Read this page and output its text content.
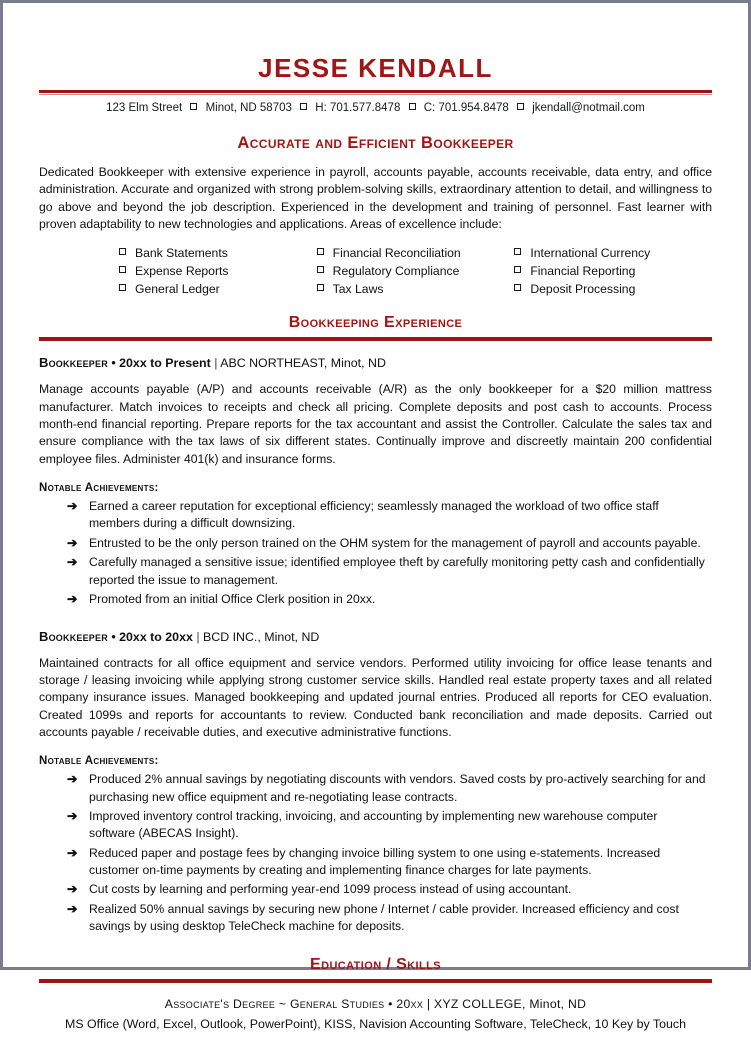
JESSE KENDALL
123 Elm Street Minot, ND 58703 H: 701.577.8478 C: 701.954.8478 jkendall@notmail.com
Accurate and Efficient Bookkeeper
Dedicated Bookkeeper with extensive experience in payroll, accounts payable, accounts receivable, data entry, and office administration. Accurate and organized with strong problem-solving skills, extraordinary attention to detail, and willingness to go above and beyond the job description. Experienced in the development and training of personnel. Fast learner with proven adaptability to new technologies and applications. Areas of excellence include:
Bank Statements
Expense Reports
General Ledger
Financial Reconciliation
Regulatory Compliance
Tax Laws
International Currency
Financial Reporting
Deposit Processing
Bookkeeping Experience
Bookkeeper • 20xx to Present | ABC NORTHEAST, Minot, ND
Manage accounts payable (A/P) and accounts receivable (A/R) as the only bookkeeper for a $20 million mattress manufacturer. Match invoices to receipts and check all pricing. Complete deposits and post cash to accounts. Process month-end financial reporting. Prepare reports for the tax accountant and assist the Controller. Calculate the sales tax and ensure compliance with the tax laws of six different states. Continually improve and discreetly maintain 200 confidential employee files. Administer 401(k) and insurance forms.
Notable Achievements:
➔ Earned a career reputation for exceptional efficiency; seamlessly managed the workload of two office staff members during a difficult downsizing.
➔ Entrusted to be the only person trained on the OHM system for the management of payroll and accounts payable.
➔ Carefully managed a sensitive issue; identified employee theft by carefully monitoring petty cash and confidentially reported the issue to management.
➔ Promoted from an initial Office Clerk position in 20xx.
Bookkeeper • 20xx to 20xx | BCD INC., Minot, ND
Maintained contracts for all office equipment and service vendors. Performed utility invoicing for office lease tenants and storage / leasing invoicing while applying strong customer service skills. Handled real estate property taxes and all related company insurance issues. Managed bookkeeping and updated journal entries. Produced all reports for CEO evaluation. Created 1099s and reports for accountants to review. Conducted bank reconciliation and made deposits. Carried out accounts payable / receivable duties, and executive administrative functions.
Notable Achievements:
➔ Produced 2% annual savings by negotiating discounts with vendors. Saved costs by pro-actively searching for and purchasing new office equipment and re-negotiating lease contracts.
➔ Improved inventory control tracking, invoicing, and accounting by implementing new warehouse computer software (ABECAS Insight).
➔ Reduced paper and postage fees by changing invoice billing system to one using e-statements. Increased customer on-time payments by creating and implementing finance charges for late payments.
➔ Cut costs by learning and performing year-end 1099 process instead of using accountant.
➔ Realized 50% annual savings by securing new phone / Internet / cable provider. Increased efficiency and cost savings by using desktop TeleCheck machine for deposits.
Education / Skills
Associate's Degree ~ General Studies • 20xx | XYZ COLLEGE, Minot, ND
MS Office (Word, Excel, Outlook, PowerPoint), KISS, Navision Accounting Software, TeleCheck, 10 Key by Touch
